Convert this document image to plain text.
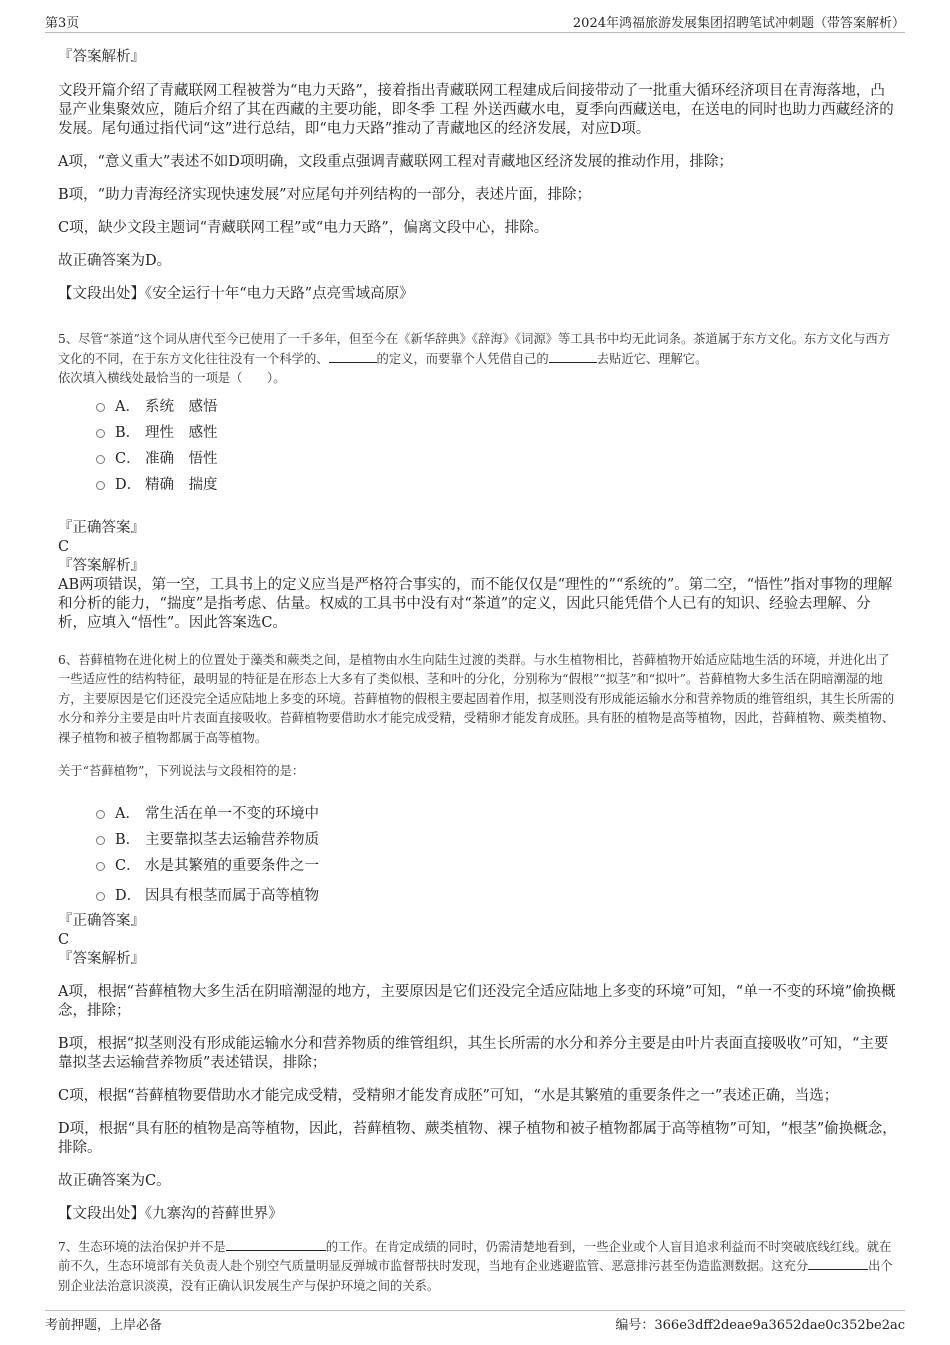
第3页	2024年鸿福旅游发展集团招聘笔试冲刺题（带答案解析）

『答案解析』

文段开篇介绍了青藏联网工程被誉为“电力天路”，接着指出青藏联网工程建成后间接带动了一批重大循环经济项目在青海落地，凸显产业集聚效应，随后介绍了其在西藏的主要功能，即冬季 工程 外送西藏水电，夏季向西藏送电，在送电的同时也助力西藏经济的发展。尾句通过指代词“这”进行总结，即“电力天路”推动了青藏地区的经济发展，对应D项。

A项，“意义重大”表述不如D项明确，文段重点强调青藏联网工程对青藏地区经济发展的推动作用，排除；

B项，“助力青海经济实现快速发展”对应尾句并列结构的一部分，表述片面，排除；

C项，缺少文段主题词“青藏联网工程”或“电力天路”，偏离文段中心，排除。

故正确答案为D。

【文段出处】《安全运行十年“电力天路”点亮雪域高原》

5、尽管“茶道”这个词从唐代至今已使用了一千多年，但至今在《新华辞典》《辞海》《词源》等工具书中均无此词条。茶道属于东方文化。东方文化与西方文化的不同，在于东方文化往往没有一个科学的、	的定义，而要靠个人凭借自己的	去贴近它、理解它。

依次填入横线处最恰当的一项是（　　）。

A． 系统　感悟
B． 理性　感性
C． 准确　悟性
D． 精确　揣度

『正确答案』

C

『答案解析』

AB两项错误，第一空，工具书上的定义应当是严格符合事实的，而不能仅仅是“理性的”“系统的”。第二空，“悟性”指对事物的理解和分析的能力，“揣度”是指考虑、估量。权威的工具书中没有对“茶道”的定义，因此只能凭借个人已有的知识、经验去理解、分析，应填入“悟性”。因此答案选C。

6、苔藓植物在进化树上的位置处于藻类和蕨类之间，是植物由水生向陆生过渡的类群。与水生植物相比，苔藓植物开始适应陆地生活的环境，并进化出了一些适应性的结构特征，最明显的特征是在形态上大多有了类似根、茎和叶的分化，分别称为“假根”“拟茎”和“拟叶”。苔藓植物大多生活在阴暗潮湿的地方，主要原因是它们还没完全适应陆地上多变的环境。苔藓植物的假根主要起固着作用，拟茎则没有形成能运输水分和营养物质的维管组织，其生长所需的水分和养分主要是由叶片表面直接吸收。苔藓植物要借助水才能完成受精，受精卵才能发育成胚。具有胚的植物是高等植物，因此，苔藓植物、蕨类植物、裸子植物和被子植物都属于高等植物。

关于“苔藓植物”，下列说法与文段相符的是：

A． 常生活在单一不变的环境中
B． 主要靠拟茎去运输营养物质
C． 水是其繁殖的重要条件之一
D． 因具有根茎而属于高等植物

『正确答案』

C

『答案解析』

A项，根据“苔藓植物大多生活在阴暗潮湿的地方，主要原因是它们还没完全适应陆地上多变的环境”可知，“单一不变的环境”偷换概念，排除；

B项，根据“拟茎则没有形成能运输水分和营养物质的维管组织，其生长所需的水分和养分主要是由叶片表面直接吸收”可知，“主要靠拟茎去运输营养物质”表述错误，排除；

C项，根据“苔藓植物要借助水才能完成受精，受精卵才能发育成胚”可知，“水是其繁殖的重要条件之一”表述正确，当选；

D项，根据“具有胚的植物是高等植物，因此，苔藓植物、蕨类植物、裸子植物和被子植物都属于高等植物”可知，“根茎”偷换概念，排除。

故正确答案为C。

【文段出处】《九寨沟的苔藓世界》

7、生态环境的法治保护并不是	的工作。在肯定成绩的同时，仍需清楚地看到，一些企业或个人盲目追求利益而不时突破底线红线。就在前不久，生态环境部有关负责人赴个别空气质量明显反弹城市监督帮扶时发现，当地有企业逃避监管、恶意排污甚至伪造监测数据。这充分	出个别企业法治意识淡漠，没有正确认识发展生产与保护环境之间的关系。

考前押题，上岸必备	编号：366e3dff2deae9a3652dae0c352be2ac
